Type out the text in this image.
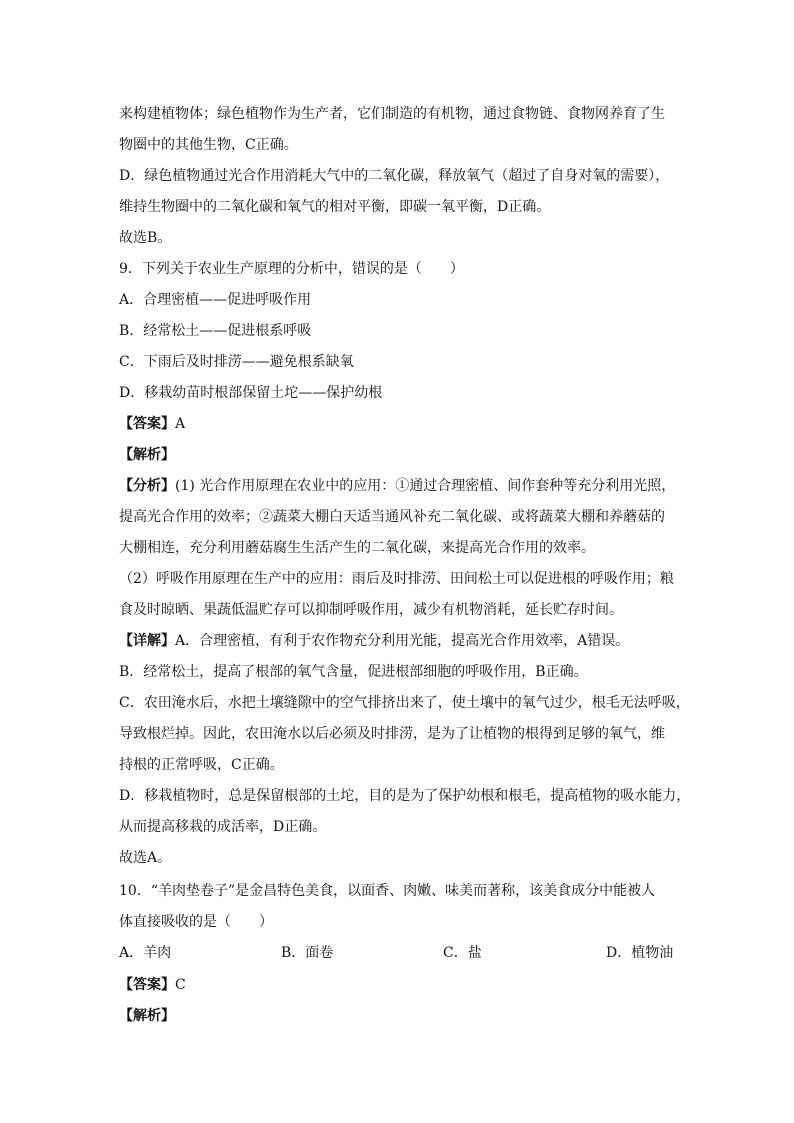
来构建植物体；绿色植物作为生产者，它们制造的有机物，通过食物链、食物网养育了生
物圈中的其他生物，C正确。
D．绿色植物通过光合作用消耗大气中的二氧化碳，释放氧气（超过了自身对氧的需要），
维持生物圈中的二氧化碳和氧气的相对平衡，即碳一氧平衡，D正确。
故选B。
9．下列关于农业生产原理的分析中，错误的是（　　）
A．合理密植——促进呼吸作用
B．经常松土——促进根系呼吸
C．下雨后及时排涝——避免根系缺氧
D．移栽幼苗时根部保留土坨——保护幼根
【答案】A
【解析】
【分析】(1) 光合作用原理在农业中的应用：①通过合理密植、间作套种等充分利用光照，
提高光合作用的效率；②蔬菜大棚白天适当通风补充二氧化碳、或将蔬菜大棚和养蘑菇的
大棚相连，充分利用蘑菇腐生生活产生的二氧化碳，来提高光合作用的效率。
（2）呼吸作用原理在生产中的应用：雨后及时排涝、田间松土可以促进根的呼吸作用；粮
食及时晾晒、果蔬低温贮存可以抑制呼吸作用，减少有机物消耗，延长贮存时间。
【详解】A．合理密植，有利于农作物充分利用光能，提高光合作用效率，A错误。
B．经常松土，提高了根部的氧气含量，促进根部细胞的呼吸作用，B正确。
C．农田淹水后，水把土壤缝隙中的空气排挤出来了，使土壤中的氧气过少，根毛无法呼吸，
导致根烂掉。因此，农田淹水以后必须及时排涝，是为了让植物的根得到足够的氧气，维
持根的正常呼吸，C正确。
D．移栽植物时，总是保留根部的土坨，目的是为了保护幼根和根毛，提高植物的吸水能力，
从而提高移栽的成活率，D正确。
故选A。
10．“羊肉垫卷子”是金昌特色美食，以面香、肉嫩、味美而著称，该美食成分中能被人
体直接吸收的是（　　）
A．羊肉	B．面卷	C．盐	D．植物油
【答案】C
【解析】
